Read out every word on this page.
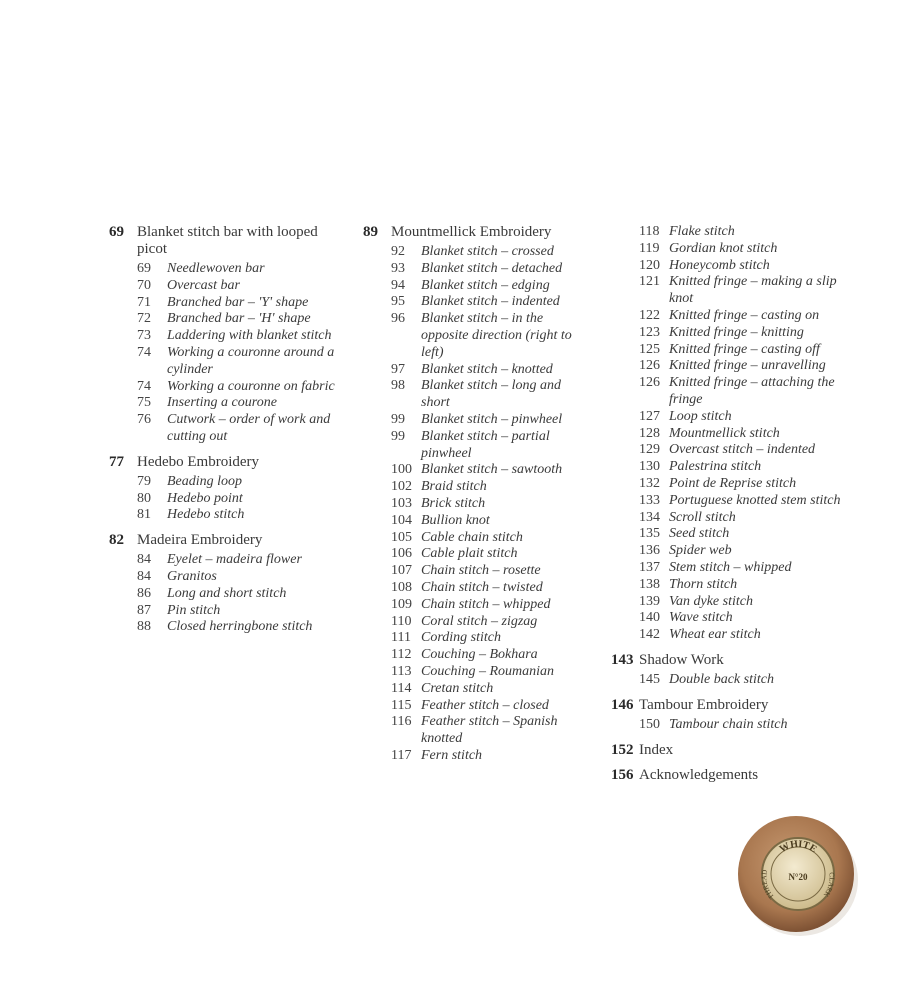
69 Blanket stitch bar with looped picot
69	Needlewoven bar
70	Overcast bar
71	Branched bar – 'Y' shape
72	Branched bar – 'H' shape
73	Laddering with blanket stitch
74	Working a couronne around a cylinder
74	Working a couronne on fabric
75	Inserting a courone
76	Cutwork – order of work and cutting out
77 Hedebo Embroidery
79	Beading loop
80	Hedebo point
81	Hedebo stitch
82 Madeira Embroidery
84	Eyelet – madeira flower
84	Granitos
86	Long and short stitch
87	Pin stitch
88	Closed herringbone stitch
89 Mountmellick Embroidery
92	Blanket stitch – crossed
93	Blanket stitch – detached
94	Blanket stitch – edging
95	Blanket stitch – indented
96	Blanket stitch – in the opposite direction (right to left)
97	Blanket stitch – knotted
98	Blanket stitch – long and short
99	Blanket stitch – pinwheel
99	Blanket stitch – partial pinwheel
100 Blanket stitch – sawtooth
102 Braid stitch
103 Brick stitch
104 Bullion knot
105 Cable chain stitch
106 Cable plait stitch
107 Chain stitch – rosette
108 Chain stitch – twisted
109 Chain stitch – whipped
110 Coral stitch – zigzag
111 Cording stitch
112 Couching – Bokhara
113 Couching – Roumanian
114 Cretan stitch
115 Feather stitch – closed
116 Feather stitch – Spanish knotted
117 Fern stitch
118 Flake stitch
119 Gordian knot stitch
120 Honeycomb stitch
121 Knitted fringe – making a slip knot
122 Knitted fringe – casting on
123 Knitted fringe – knitting
125 Knitted fringe – casting off
126 Knitted fringe – unravelling
126 Knitted fringe – attaching the fringe
127 Loop stitch
128 Mountmellick stitch
129 Overcast stitch – indented
130 Palestrina stitch
132 Point de Reprise stitch
133 Portuguese knotted stem stitch
134 Scroll stitch
135 Seed stitch
136 Spider web
137 Stem stitch – whipped
138 Thorn stitch
139 Van dyke stitch
140 Wave stitch
142 Wheat ear stitch
143 Shadow Work
145 Double back stitch
146 Tambour Embroidery
150 Tambour chain stitch
152 Index
156 Acknowledgements
WHITE
THREAD	CLARK
N°20
